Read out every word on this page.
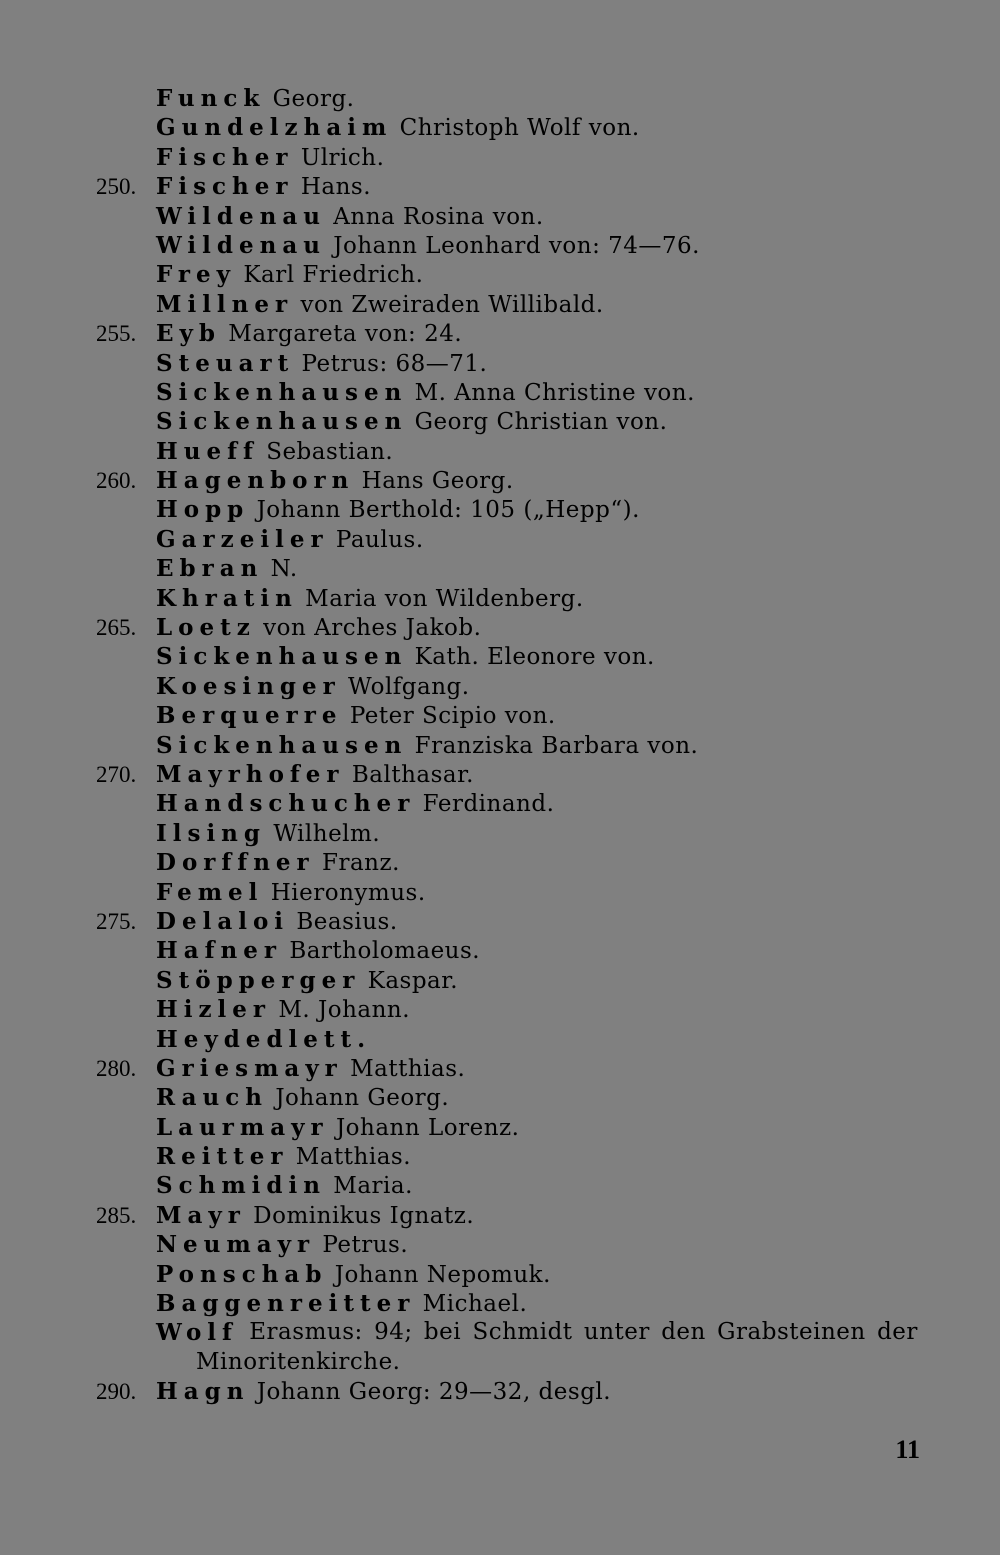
Funck Georg.
Gundelzhaim Christoph Wolf von.
Fischer Ulrich.
250. Fischer Hans.
Wildenau Anna Rosina von.
Wildenau Johann Leonhard von: 74—76.
Frey Karl Friedrich.
Millner von Zweiraden Willibald.
255. Eyb Margareta von: 24.
Steuart Petrus: 68—71.
Sickenhausen M. Anna Christine von.
Sickenhausen Georg Christian von.
Hueff Sebastian.
260. Hagenborn Hans Georg.
Hopp Johann Berthold: 105 („Hepp“).
Garzeiler Paulus.
Ebran N.
Khratin Maria von Wildenberg.
265. Loetz von Arches Jakob.
Sickenhausen Kath. Eleonore von.
Koesinger Wolfgang.
Berquerre Peter Scipio von.
Sickenhausen Franziska Barbara von.
270. Mayrhofer Balthasar.
Handschucher Ferdinand.
Ilsing Wilhelm.
Dorffner Franz.
Femel Hieronymus.
275. Delaloi Beasius.
Hafner Bartholomaeus.
Stöpperger Kaspar.
Hizler M. Johann.
Heydedlett.
280. Griesmayr Matthias.
Rauch Johann Georg.
Laurmayr Johann Lorenz.
Reitter Matthias.
Schmidin Maria.
285. Mayr Dominikus Ignatz.
Neumayr Petrus.
Ponschab Johann Nepomuk.
Baggenreitter Michael.
Wolf Erasmus: 94; bei Schmidt unter den Grabsteinen der
Minoritenkirche.
290. Hagn Johann Georg: 29—32, desgl.
11
